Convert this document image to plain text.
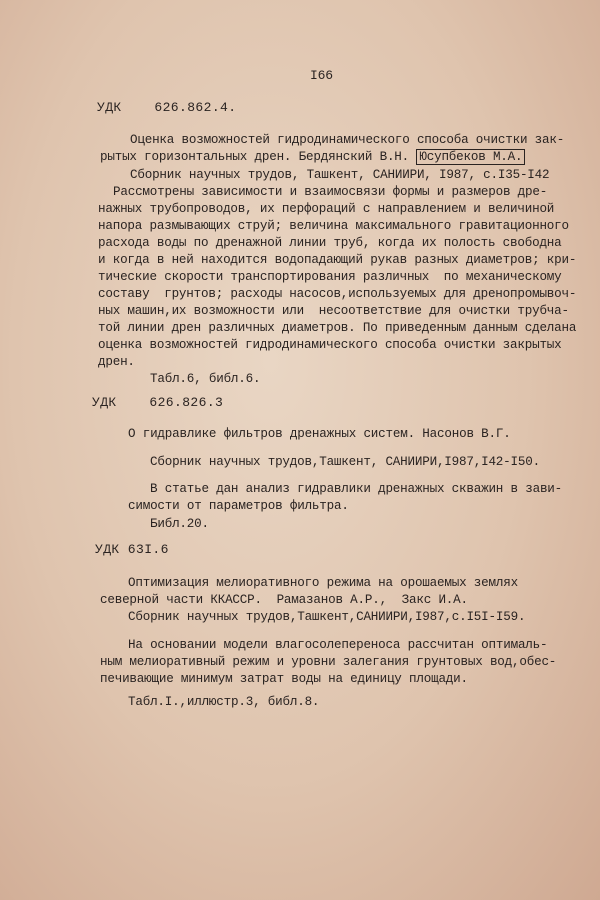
I66
УДК    626.862.4.
Оценка возможностей гидродинамического способа очистки зак-
рытых горизонтальных дрен. Бердянский В.Н. Юсупбеков М.А.
Сборник научных трудов, Ташкент, САНИИРИ, I987, с.I35-I42
Рассмотрены зависимости и взаимосвязи формы и размеров дре-
нажных трубопроводов, их перфораций с направлением и величиной
напора размывающих струй; величина максимального гравитационного
расхода воды по дренажной линии труб, когда их полость свободна
и когда в ней находится водопадающий рукав разных диаметров; кри-
тические скорости транспортирования различных  по механическому
составу  грунтов; расходы насосов,используемых для дренопромывоч-
ных машин,их возможности или  несоответствие для очистки трубча-
той линии дрен различных диаметров. По приведенным данным сделана
оценка возможностей гидродинамического способа очистки закрытых
дрен.
Табл.6, библ.6.
УДК    626.826.3
О гидравлике фильтров дренажных систем. Насонов В.Г.
Сборник научных трудов,Ташкент, САНИИРИ,I987,I42-I50.
В статье дан анализ гидравлики дренажных скважин в зави-
симости от параметров фильтра.
Библ.20.
УДК 63I.6
Оптимизация мелиоративного режима на орошаемых землях
северной части ККАССР.  Рамазанов А.Р.,  Закс И.А.
Сборник научных трудов,Ташкент,САНИИРИ,I987,с.I5I-I59.
На основании модели влагосолепереноса рассчитан оптималь-
ным мелиоративный режим и уровни залегания грунтовых вод,обес-
печивающие минимум затрат воды на единицу площади.
Табл.I.,иллюстр.3, библ.8.
